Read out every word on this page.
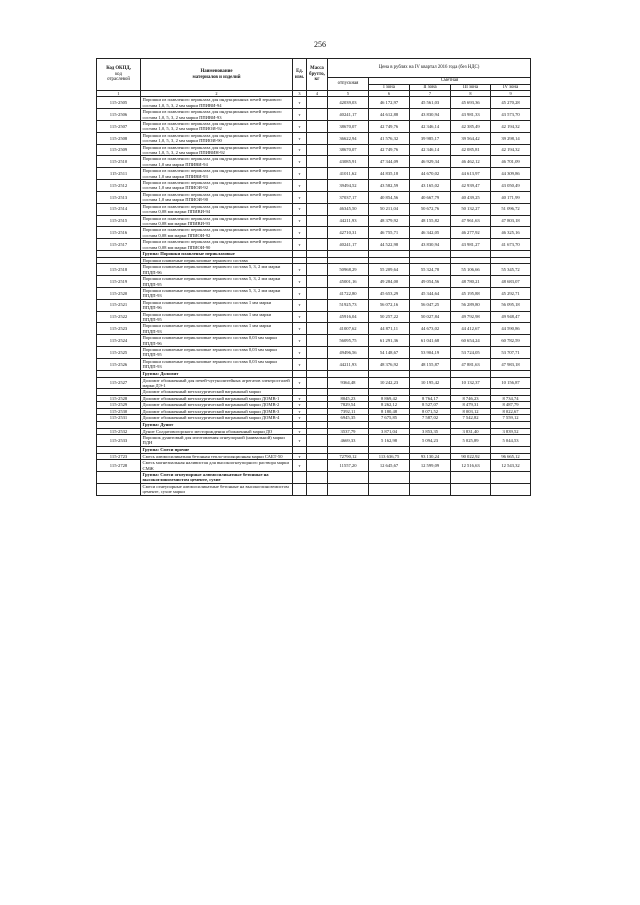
256
Код ОКПД,
код
отраслевой	Наименование
материалов и изделий	Ед.
изм.	Масса
брутто,
кг	Цена в рублях на IV квартал 2016 года (без НДС)				
				отпускная	Сметная			
					I зона	II зона	III зона	IV зона
1	2	3	4	5	6	7	8	9
115-2505	Порошки из плавленого периклаза для индукционных печей зернового состава 1,0, 5, 3, 2 мм марки ППИВИ-94	т		42039,03	46 172,97	45 561,03	45 693,36	45 270,28
115-2506	Порошки из плавленого периклаза для индукционных печей зернового состава 1,0, 5, 3, 2 мм марки ППИВИ-93	т		40241,17	44 612,88	43 830,94	43 981,33	43 573,70
115-2507	Порошки из плавленого периклаза для индукционных печей зернового состава 1,0, 5, 3, 2 мм марки ППИОИ-92	т		38670,07	42 749,76	42 346,14	42 385,49	42 194,32
115-2508	Порошки из плавленого периклаза для индукционных печей зернового состава 1,0, 5, 3, 2 мм марки ППИОИ-90	т		36622,94	41 576,32	39 985,17	39 564,42	39 298,14
115-2509	Порошки из плавленого периклаза для индукционных печей зернового состава 1,0, 5, 3, 2 мм марки ППИВИН-92	т		38670,07	42 749,76	42 346,14	42 085,81	42 194,32
115-2510	Порошки из плавленого периклаза для индукционных печей зернового состава 1,0 мм марки ППИВИ-94	т		43085,91	47 344,09	46 929,34	46 462,12	46 701,09
115-2511	Порошки из плавленого периклаза для индукционных печей зернового состава 1,0 мм марки ППИВИ-93	т		41011,62	44 835,18	44 670,02	44 613,97	44 309,86
115-2512	Порошки из плавленого периклаза для индукционных печей зернового состава 1,0 мм марки ППИОИ-92	т		39494,52	43 582,59	43 165,02	42 939,47	43 050,49
115-2513	Порошки из плавленого периклаза для индукционных печей зернового состава 1,0 мм марки ППИОИ-90	т		37037,17	40 854,56	40 667,79	40 439,25	40 171,99
115-2514	Порошки из плавленого периклаза для индукционных печей зернового состава 0,08 мм марки ППИВИ-94	т		46345,50	50 211,04	50 672,76	50 132,27	51 096,72
115-2515	Порошки из плавленого периклаза для индукционных печей зернового состава 0,08 мм марки ППИВИ-93	т		44211,93	48 379,92	48 155,82	47 961,63	47 803,18
115-2516	Порошки из плавленого периклаза для индукционных печей зернового состава 0,08 мм марки ППИОИ-92	т		42710,31	46 755,71	46 342,05	46 277,92	46 325,16
115-2517	Порошки из плавленого периклаза для индукционных печей зернового состава 0,08 мм марки ППИОИ-90	т		40241,17	44 522,98	43 830,94	43 981,27	41 673,70
	Группа: Порошки плавленые периклазовые							
	Порошки плавленые периклазовые зернового состава							
115-2518	Порошки плавленые периклазовые зернового состава 5, 3, 2 мм марки ППДП-96	т		50968,29	55 209,64	55 324,78	55 106,66	55 345,72
115-2519	Порошки плавленые периклазовые зернового состава 5, 3, 2 мм марки ППДП-95	т		45001,16	49 284,00	49 054,56	48 780,21	48 683,07
115-2520	Порошки плавленые периклазовые зернового состава 5, 3, 2 мм марки ППДП-93	т		41722,80	45 653,29	45 344,64	45 195,88	45 292,71
115-2521	Порошки плавленые периклазовые зернового состава 1 мм марки ППДП-96	т		51925,73	56 072,16	56 047,25	56 289,80	56 095,18
115-2522	Порошки плавленые периклазовые зернового состава 1 мм марки ППДП-95	т		45916,04	50 257,22	50 027,84	49 792,98	49 948,47
115-2523	Порошки плавленые периклазовые зернового состава 1 мм марки ППДП-93	т		41007,62	44 871,11	44 673,02	44 412,67	44 590,86
115-2524	Порошки плавленые периклазовые зернового состава 0,03 мм марки ППДП-96	т		56095,75	61 291,36	61 041,68	60 654,24	60 782,59
115-2525	Порошки плавленые периклазовые зернового состава 0,03 мм марки ППДП-95	т		49496,56	54 148,67	53 904,19	53 724,05	53 707,71
115-2526	Порошки плавленые периклазовые зернового состава 0,03 мм марки ППДП-93	т		44211,93	48 376,92	48 155,87	47 881,63	47 983,18
	Группа: Доломит							
115-2527	Доломит обожженный для печей-чугунолитейных агрегатов электросталей марки ДЭ-1	т		9364,48	10 242,23	10 195,42	10 132,37	10 156,87
	Доломит обожженный металлургический вагранкоый марки							
115-2528	Доломит обожженный металлургический вагранкоый марки ДОМВ-1	т		8045,23	8 869,42	8 764,17	8 746,23	8 734,74
115-2529	Доломит обожженный металлургический вагранкоый марки ДОМВ-2	т		7829,54	8 262,12	8 527,07	8 479,31	8 487,79
115-2530	Доломит обожженный металлургический вагранкоый марки ДОМВ-3	т		7392,11	8 180,48	8 071,52	8 003,12	8 022,67
115-2531	Доломит обожженный металлургический вагранкоый марки ДОМВ-4	т		6945,35	7 675,85	7 587,02	7 542,82	7 559,12
	Группа: Дунит							
115-2532	Дунит Солдатовогорского месторождения обожженный марки ДО	т		3537,79	3 871,04	3 853,35	3 831,40	3 839,52
115-2533	Порошок дунитовый для изготовления огнеупорной (наивальной) марки ПДН	т		4669,33	5 162,98	5 094,23	5 025,89	5 044,53
	Группа: Смеси прочие							
115-2723	Смесь алюмосиликатная бетонная тепло-изоляционная марки САБТ-50	т		72790,12	113 636,75	93 130,24	90 022,92	96 665,12
115-2728	Смесь магнезиальная наливистая для высокоогнеупорного раствора марки СМЖ	т		11557,20	12 645,67	12 599,09	12 516,63	12 543,32
	Группа: Смеси огнеупорные алюмосиликатные бетонные на высокоглиноземистом цементе, сухие							
	Смеси огнеупорные алюмосиликатные бетонные на высокоглиноземистом цементе, сухие марки							
